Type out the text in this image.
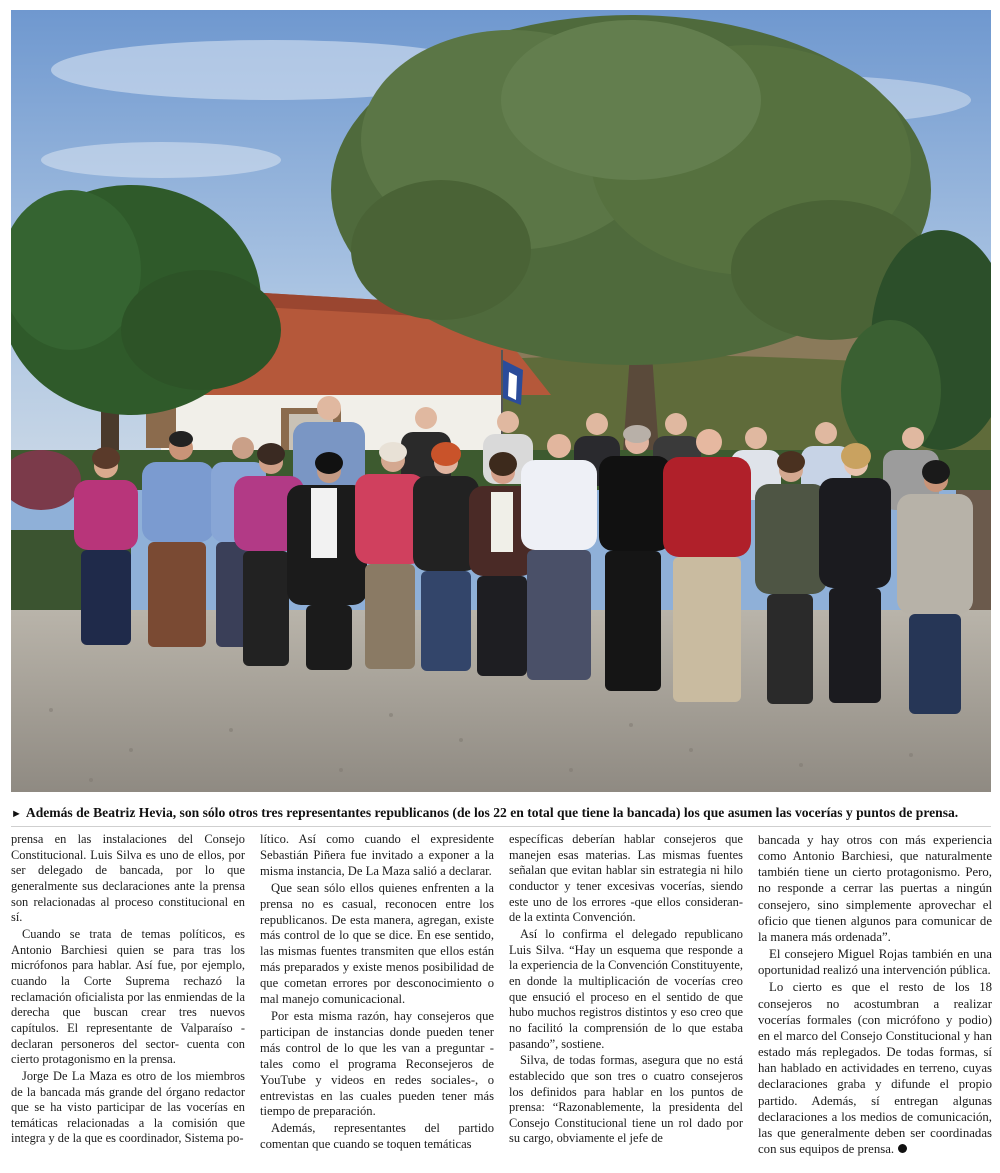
► Además de Beatriz Hevia, son sólo otros tres representantes republicanos (de los 22 en total que tiene la bancada) los que asumen las vocerías y puntos de prensa.

prensa en las instalaciones del Consejo Constitucional. Luis Silva es uno de ellos, por ser delegado de bancada, por lo que generalmente sus declaraciones ante la prensa son relacionadas al proceso constitucional en sí.

Cuando se trata de temas políticos, es Antonio Barchiesi quien se para tras los micrófonos para hablar. Así fue, por ejemplo, cuando la Corte Suprema rechazó la reclamación oficialista por las enmiendas de la derecha que buscan crear tres nuevos capítulos. El representante de Valparaíso -declaran personeros del sector- cuenta con cierto protagonismo en la prensa.

Jorge De La Maza es otro de los miembros de la bancada más grande del órgano redactor que se ha visto participar de las vocerías en temáticas relacionadas a la comisión que integra y de la que es coordinador, Sistema po-

lítico. Así como cuando el expresidente Sebastián Piñera fue invitado a exponer a la misma instancia, De La Maza salió a declarar.

Que sean sólo ellos quienes enfrenten a la prensa no es casual, reconocen entre los republicanos. De esta manera, agregan, existe más control de lo que se dice. En ese sentido, las mismas fuentes transmiten que ellos están más preparados y existe menos posibilidad de que cometan errores por desconocimiento o mal manejo comunicacional.

Por esta misma razón, hay consejeros que participan de instancias donde pueden tener más control de lo que les van a preguntar -tales como el programa Reconsejeros de YouTube y videos en redes sociales-, o entrevistas en las cuales pueden tener más tiempo de preparación.

Además, representantes del partido comentan que cuando se toquen temáticas

específicas deberían hablar consejeros que manejen esas materias. Las mismas fuentes señalan que evitan hablar sin estrategia ni hilo conductor y tener excesivas vocerías, siendo este uno de los errores -que ellos consideran- de la extinta Convención.

Así lo confirma el delegado republicano Luis Silva. “Hay un esquema que responde a la experiencia de la Convención Constituyente, en donde la multiplicación de vocerías creo que ensució el proceso en el sentido de que hubo muchos registros distintos y eso creo que no facilitó la comprensión de lo que estaba pasando”, sostiene.

Silva, de todas formas, asegura que no está establecido que son tres o cuatro consejeros los definidos para hablar en los puntos de prensa: “Razonablemente, la presidenta del Consejo Constitucional tiene un rol dado por su cargo, obviamente el jefe de

bancada y hay otros con más experiencia como Antonio Barchiesi, que naturalmente también tiene un cierto protagonismo. Pero, no responde a cerrar las puertas a ningún consejero, sino simplemente aprovechar el oficio que tienen algunos para comunicar de la manera más ordenada”.

El consejero Miguel Rojas también en una oportunidad realizó una intervención pública.

Lo cierto es que el resto de los 18 consejeros no acostumbran a realizar vocerías formales (con micrófono y podio) en el marco del Consejo Constitucional y han estado más replegados. De todas formas, sí han hablado en actividades en terreno, cuyas declaraciones graba y difunde el propio partido. Además, sí entregan algunas declaraciones a los medios de comunicación, las que generalmente deben ser coordinadas con sus equipos de prensa.
